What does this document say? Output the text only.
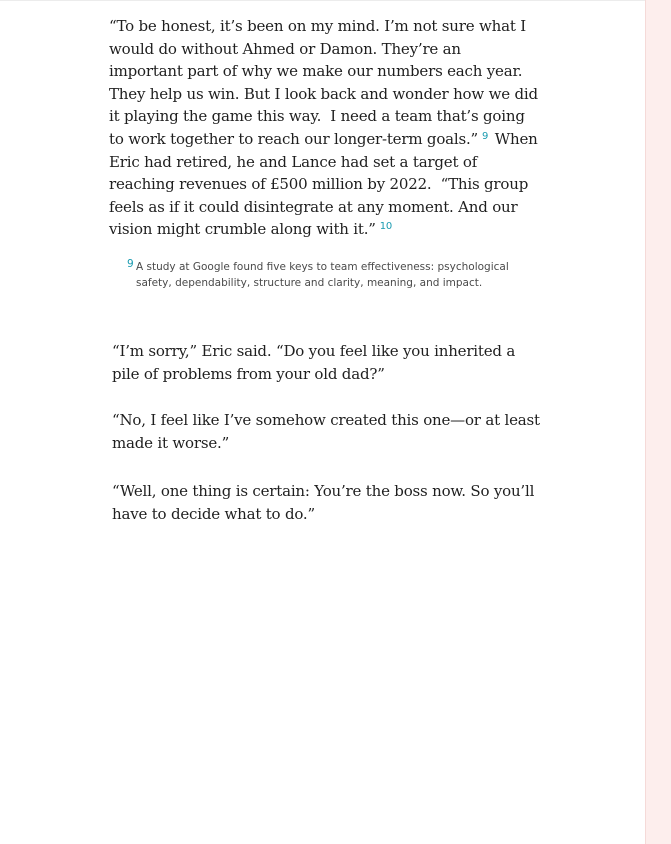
“To be honest, it’s been on my mind. I’m not sure what I would do without Ahmed or Damon. They’re an important part of why we make our numbers each year. They help us win. But I look back and wonder how we did it playing the game this way.  I need a team that’s going to work together to reach our longer-term goals.” $^9$ When Eric had retired, he and Lance had set a target of reaching revenues of £500 million by 2022.  “This group feels as if it could disintegrate at any moment. And our vision might crumble along with it.” $^{10}$

9 A study at Google found five keys to team effectiveness: psychological safety, dependability, structure and clarity, meaning, and impact.

“I’m sorry,” Eric said. “Do you feel like you inherited a pile of problems from your old dad?”

“No, I feel like I’ve somehow created this one—or at least made it worse.”

“Well, one thing is certain: You’re the boss now. So you’ll have to decide what to do.”
